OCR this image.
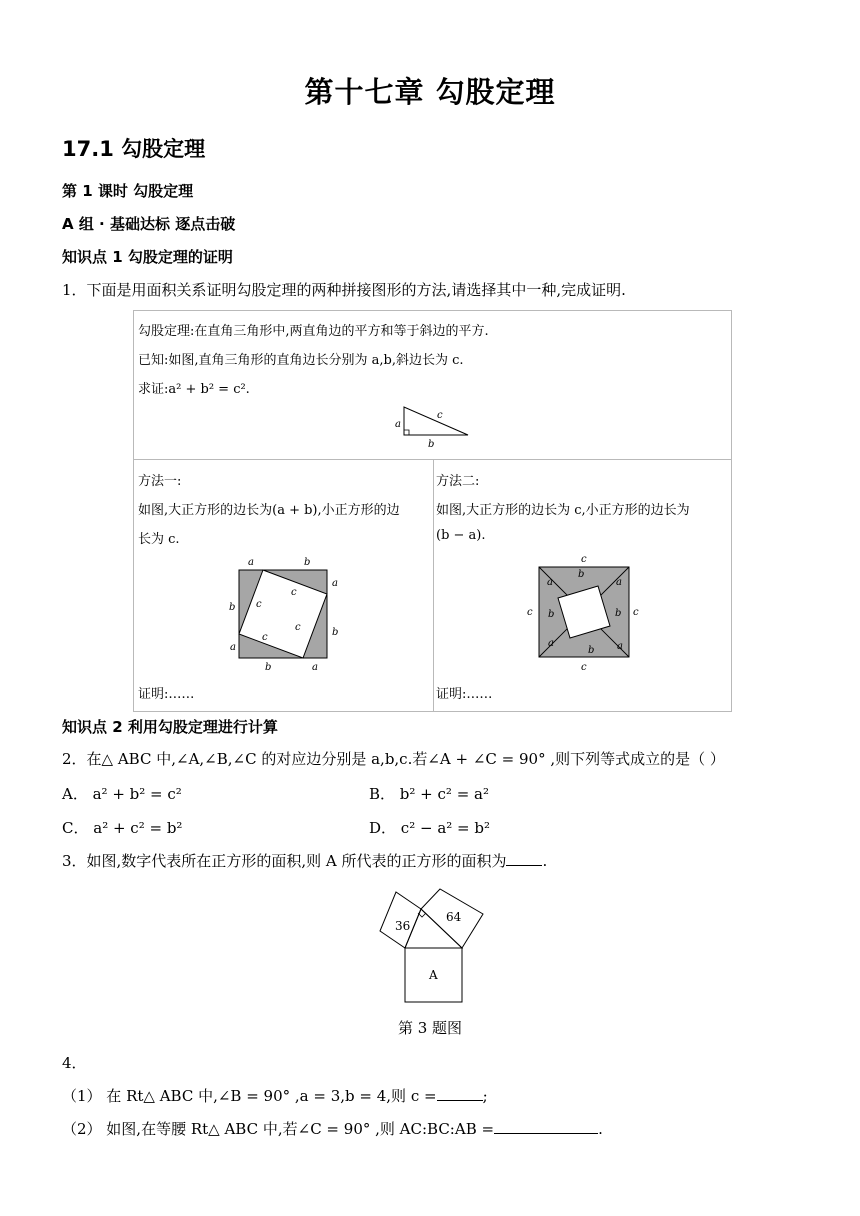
第十七章 勾股定理
17.1 勾股定理
第 1 课时 勾股定理
A 组 · 基础达标 逐点击破
知识点 1 勾股定理的证明
1．下面是用面积关系证明勾股定理的两种拼接图形的方法,请选择其中一种,完成证明.
勾股定理:在直角三角形中,两直角边的平方和等于斜边的平方.
已知:如图,直角三角形的直角边长分别为 a,b,斜边长为 c.
求证:a² + b² = c².
a
b
c
方法一:
如图,大正方形的边长为(a + b),小正方形的边
长为 c.
a	b
a
b
b
a
b	a
c
c
c
c
证明:……
方法二:
如图,大正方形的边长为 c,小正方形的边长为
(b − a).
c
c	c
c
a
b
a
b
b
a
b a
证明:……
知识点 2 利用勾股定理进行计算
2．在△ ABC 中,∠A,∠B,∠C 的对应边分别是 a,b,c.若∠A + ∠C = 90° ,则下列等式成立的是（ ）
A． a² + b² = c²	B． b² + c² = a²
C． a² + c² = b²	D． c² − a² = b²
3．如图,数字代表所在正方形的面积,则 A 所代表的正方形的面积为 .
36
64
A
第 3 题图
4．
（1） 在 Rt△ ABC 中,∠B = 90° ,a = 3,b = 4,则 c =	;
（2） 如图,在等腰 Rt△ ABC 中,若∠C = 90° ,则 AC:BC:AB =	.
